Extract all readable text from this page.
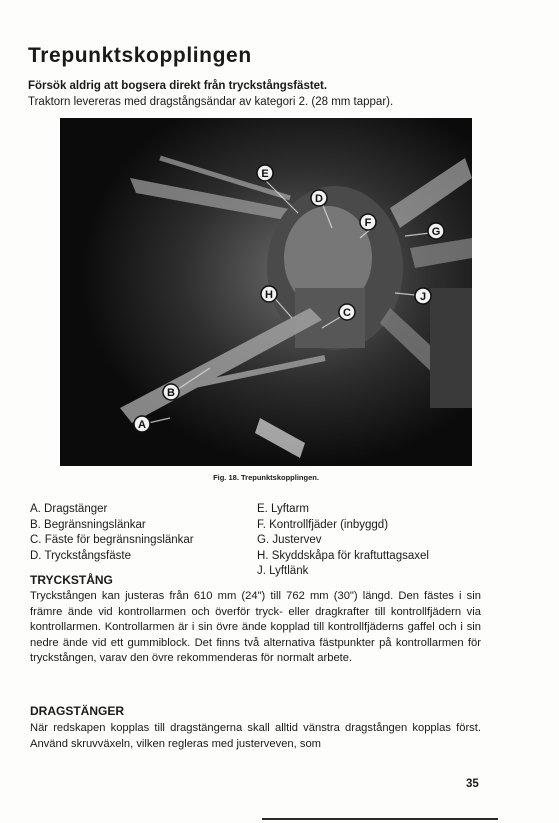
Trepunktskopplingen
Försök aldrig att bogsera direkt från tryckstångsfästet.
Traktorn levereras med dragstångsändar av kategori 2. (28 mm tappar).
E
D
F
G
J
H
C
B
A
Fig. 18. Trepunktskopplingen.
A. Dragstänger
B. Begränsningslänkar
C. Fäste för begränsningslänkar
D. Tryckstångsfäste
E. Lyftarm
F. Kontrollfjäder (inbyggd)
G. Justervev
H. Skyddskåpa för kraftuttagsaxel
J. Lyftlänk
TRYCKSTÅNG

Tryckstången kan justeras från 610 mm (24") till 762 mm (30") längd. Den fästes i sin främre ände vid kontrollarmen och överför tryck- eller dragkrafter till kontrollfjädern via kontrollarmen. Kontrollarmen är i sin övre ände kopplad till kontrollfjäderns gaffel och i sin nedre ände vid ett gummiblock. Det finns två alternativa fästpunkter på kontrollarmen för tryckstången, varav den övre rekommenderas för normalt arbete.

DRAGSTÄNGER

När redskapen kopplas till dragstängerna skall alltid vänstra dragstången kopplas först. Använd skruvväxeln, vilken regleras med justerveven, som

35
